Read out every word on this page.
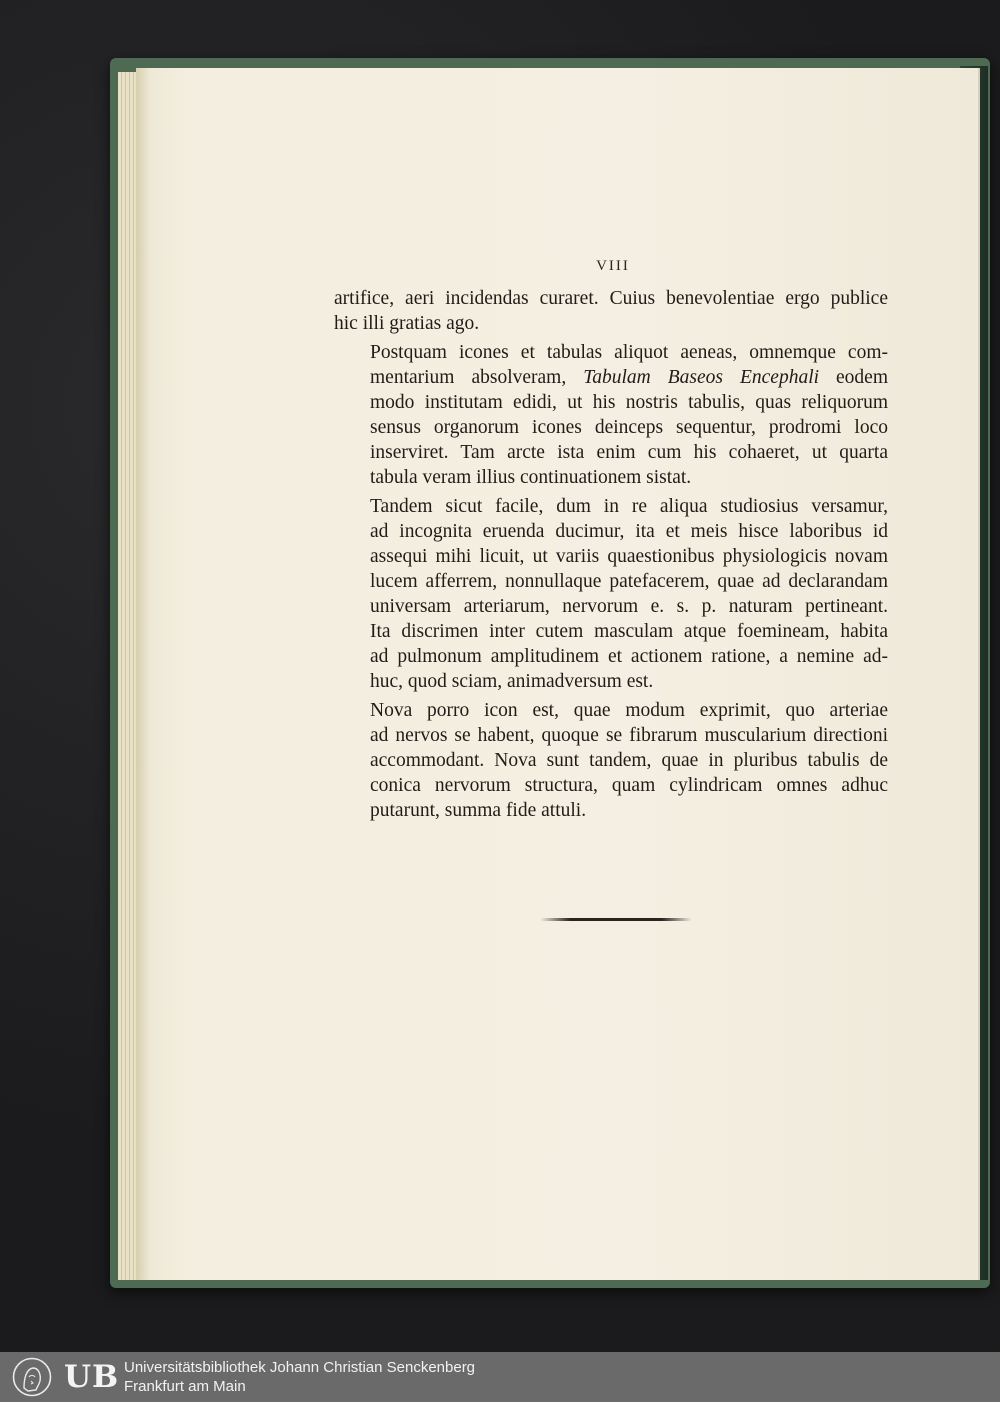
VIII

artifice, aeri incidendas curaret. Cuius benevolentiae ergo publice
hic illi gratias ago.

Postquam icones et tabulas aliquot aeneas, omnemque com-
mentarium absolveram, Tabulam Baseos Encephali eodem
modo institutam edidi, ut his nostris tabulis, quas reliquorum
sensus organorum icones deinceps sequentur, prodromi loco
inserviret. Tam arcte ista enim cum his cohaeret, ut quarta
tabula veram illius continuationem sistat.

Tandem sicut facile, dum in re aliqua studiosius versamur,
ad incognita eruenda ducimur, ita et meis hisce laboribus id
assequi mihi licuit, ut variis quaestionibus physiologicis novam
lucem afferrem, nonnullaque patefacerem, quae ad declarandam
universam arteriarum, nervorum e. s. p. naturam pertineant.
Ita discrimen inter cutem masculam atque foemineam, habita
ad pulmonum amplitudinem et actionem ratione, a nemine ad-
huc, quod sciam, animadversum est.

Nova porro icon est, quae modum exprimit, quo arteriae
ad nervos se habent, quoque se fibrarum muscularium directioni
accommodant. Nova sunt tandem, quae in pluribus tabulis de
conica nervorum structura, quam cylindricam omnes adhuc
putarunt, summa fide attuli.

UB Universitätsbibliothek Johann Christian Senckenberg
Frankfurt am Main
